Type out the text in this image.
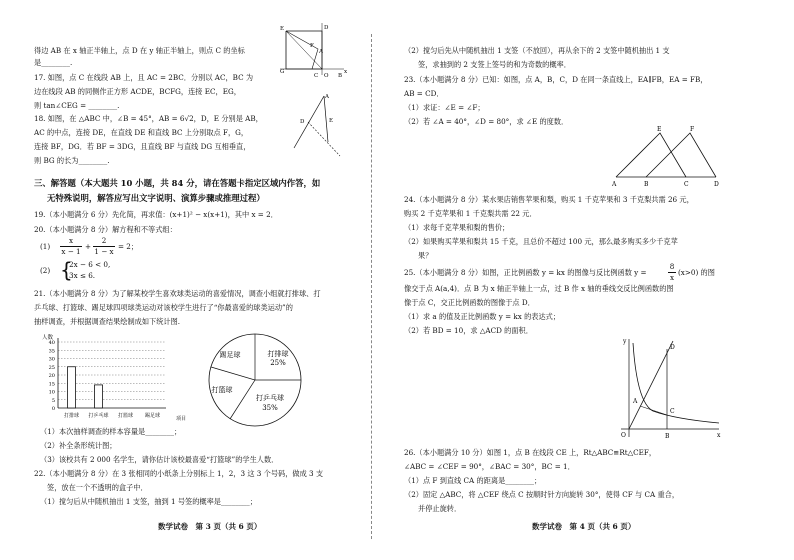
得边 AB 在 x 轴正半轴上，点 D 在 y 轴正半轴上，则点 C 的坐标
是________.
17. 如图，点 C 在线段 AB 上，且 AC = 2BC．分别以 AC，BC 为
边在线段 AB 的同侧作正方形 ACDE，BCFG，连接 EC，EG，
则 tan∠CEG = ________.
18. 如图，在 △ABC 中，∠B = 45°，AB = 6√2，D，E 分别是 AB，
AC 的中点，连接 DE，在直线 DE 和直线 BC 上分别取点 F，G，
连接 BF，DG．若 BF = 3DG，且直线 BF 与直线 DG 互相垂直，
则 BG 的长为________.
三、解答题（本大题共 10 小题，共 84 分，请在答题卡指定区域内作答，如
无特殊说明，解答应写出文字说明、演算步骤或推理过程）
19.（本小题满分 6 分）先化简，再求值：(x+1)² − x(x+1)，其中 x = 2．
20.（本小题满分 8 分）解方程和不等式组：
(1)
x
x − 1
+
2
1 − x
= 2；
(2) {
2x − 6 < 0,
3x ≤ 6.
21.（本小题满分 8 分）为了解某校学生喜欢球类运动的喜爱情况，调查小组就打排球、打
乒乓球、打篮球、踢足球四项球类运动对该校学生进行了“你最喜爱的球类运动”的
抽样调查，并根据调查结果绘制成如下统计图.
（1）本次抽样调查的样本容量是________；
（2）补全条形统计图；
（3）该校共有 2 000 名学生，请你估计该校最喜爱“打篮球”的学生人数．
22.（本小题满分 8 分）在 3 张相同的小纸条上分别标上 1，2，3 这 3 个号码，做成 3 支
签，放在一个不透明的盒子中．
（1）搅匀后从中随机抽出 1 支签，抽到 1 号签的概率是________；
数学试卷　第 3 页（共 6 页）
E	D
G
F
C
A
B
O
x
A
D	E
40
35
30
25
20
15
10
5
0
打排球 打乒乓球 打篮球 踢足球
人数
项目
踢足球	打排球
25%
打篮球
打乒乓球
35%
（2）搅匀后先从中随机抽出 1 支签（不放回），再从余下的 2 支签中随机抽出 1 支
签，求抽到的 2 支签上签号的和为奇数的概率．
23.（本小题满分 8 分）已知：如图，点 A，B，C，D 在同一条直线上，EA∥FB，EA = FB，
AB = CD．
（1）求证：∠E = ∠F；
（2）若 ∠A = 40°，∠D = 80°，求 ∠E 的度数．
24.（本小题满分 8 分）某水果店销售苹果和梨，购买 1 千克苹果和 3 千克梨共需 26 元，
购买 2 千克苹果和 1 千克梨共需 22 元．
（1）求每千克苹果和梨的售价；
（2）如果购买苹果和梨共 15 千克，且总价不超过 100 元，那么最多购买多少千克苹
果？
25.（本小题满分 8 分）如图，正比例函数 y = kx 的图像与反比例函数 y =
8
x
(x>0) 的图
像交于点 A(a,4)．点 B 为 x 轴正半轴上一点，过 B 作 x 轴的垂线交反比例函数的图
像于点 C，交正比例函数的图像于点 D．
（1）求 a 的值及正比例函数 y = kx 的表达式；
（2）若 BD = 10，求 △ACD 的面积．
26.（本小题满分 10 分）如图 1，点 B 在线段 CE 上，Rt△ABC≌Rt△CEF，
∠ABC = ∠CEF = 90°，∠BAC = 30°，BC = 1．
（1）点 F 到直线 CA 的距离是________；
（2）固定 △ABC，将 △CEF 绕点 C 按顺时针方向旋转 30°，使得 CF 与 CA 重合，
并停止旋转．
数学试卷　第 4 页（共 6 页）
E	F
A	B	C	D
y
D
A
C
O	B	x
